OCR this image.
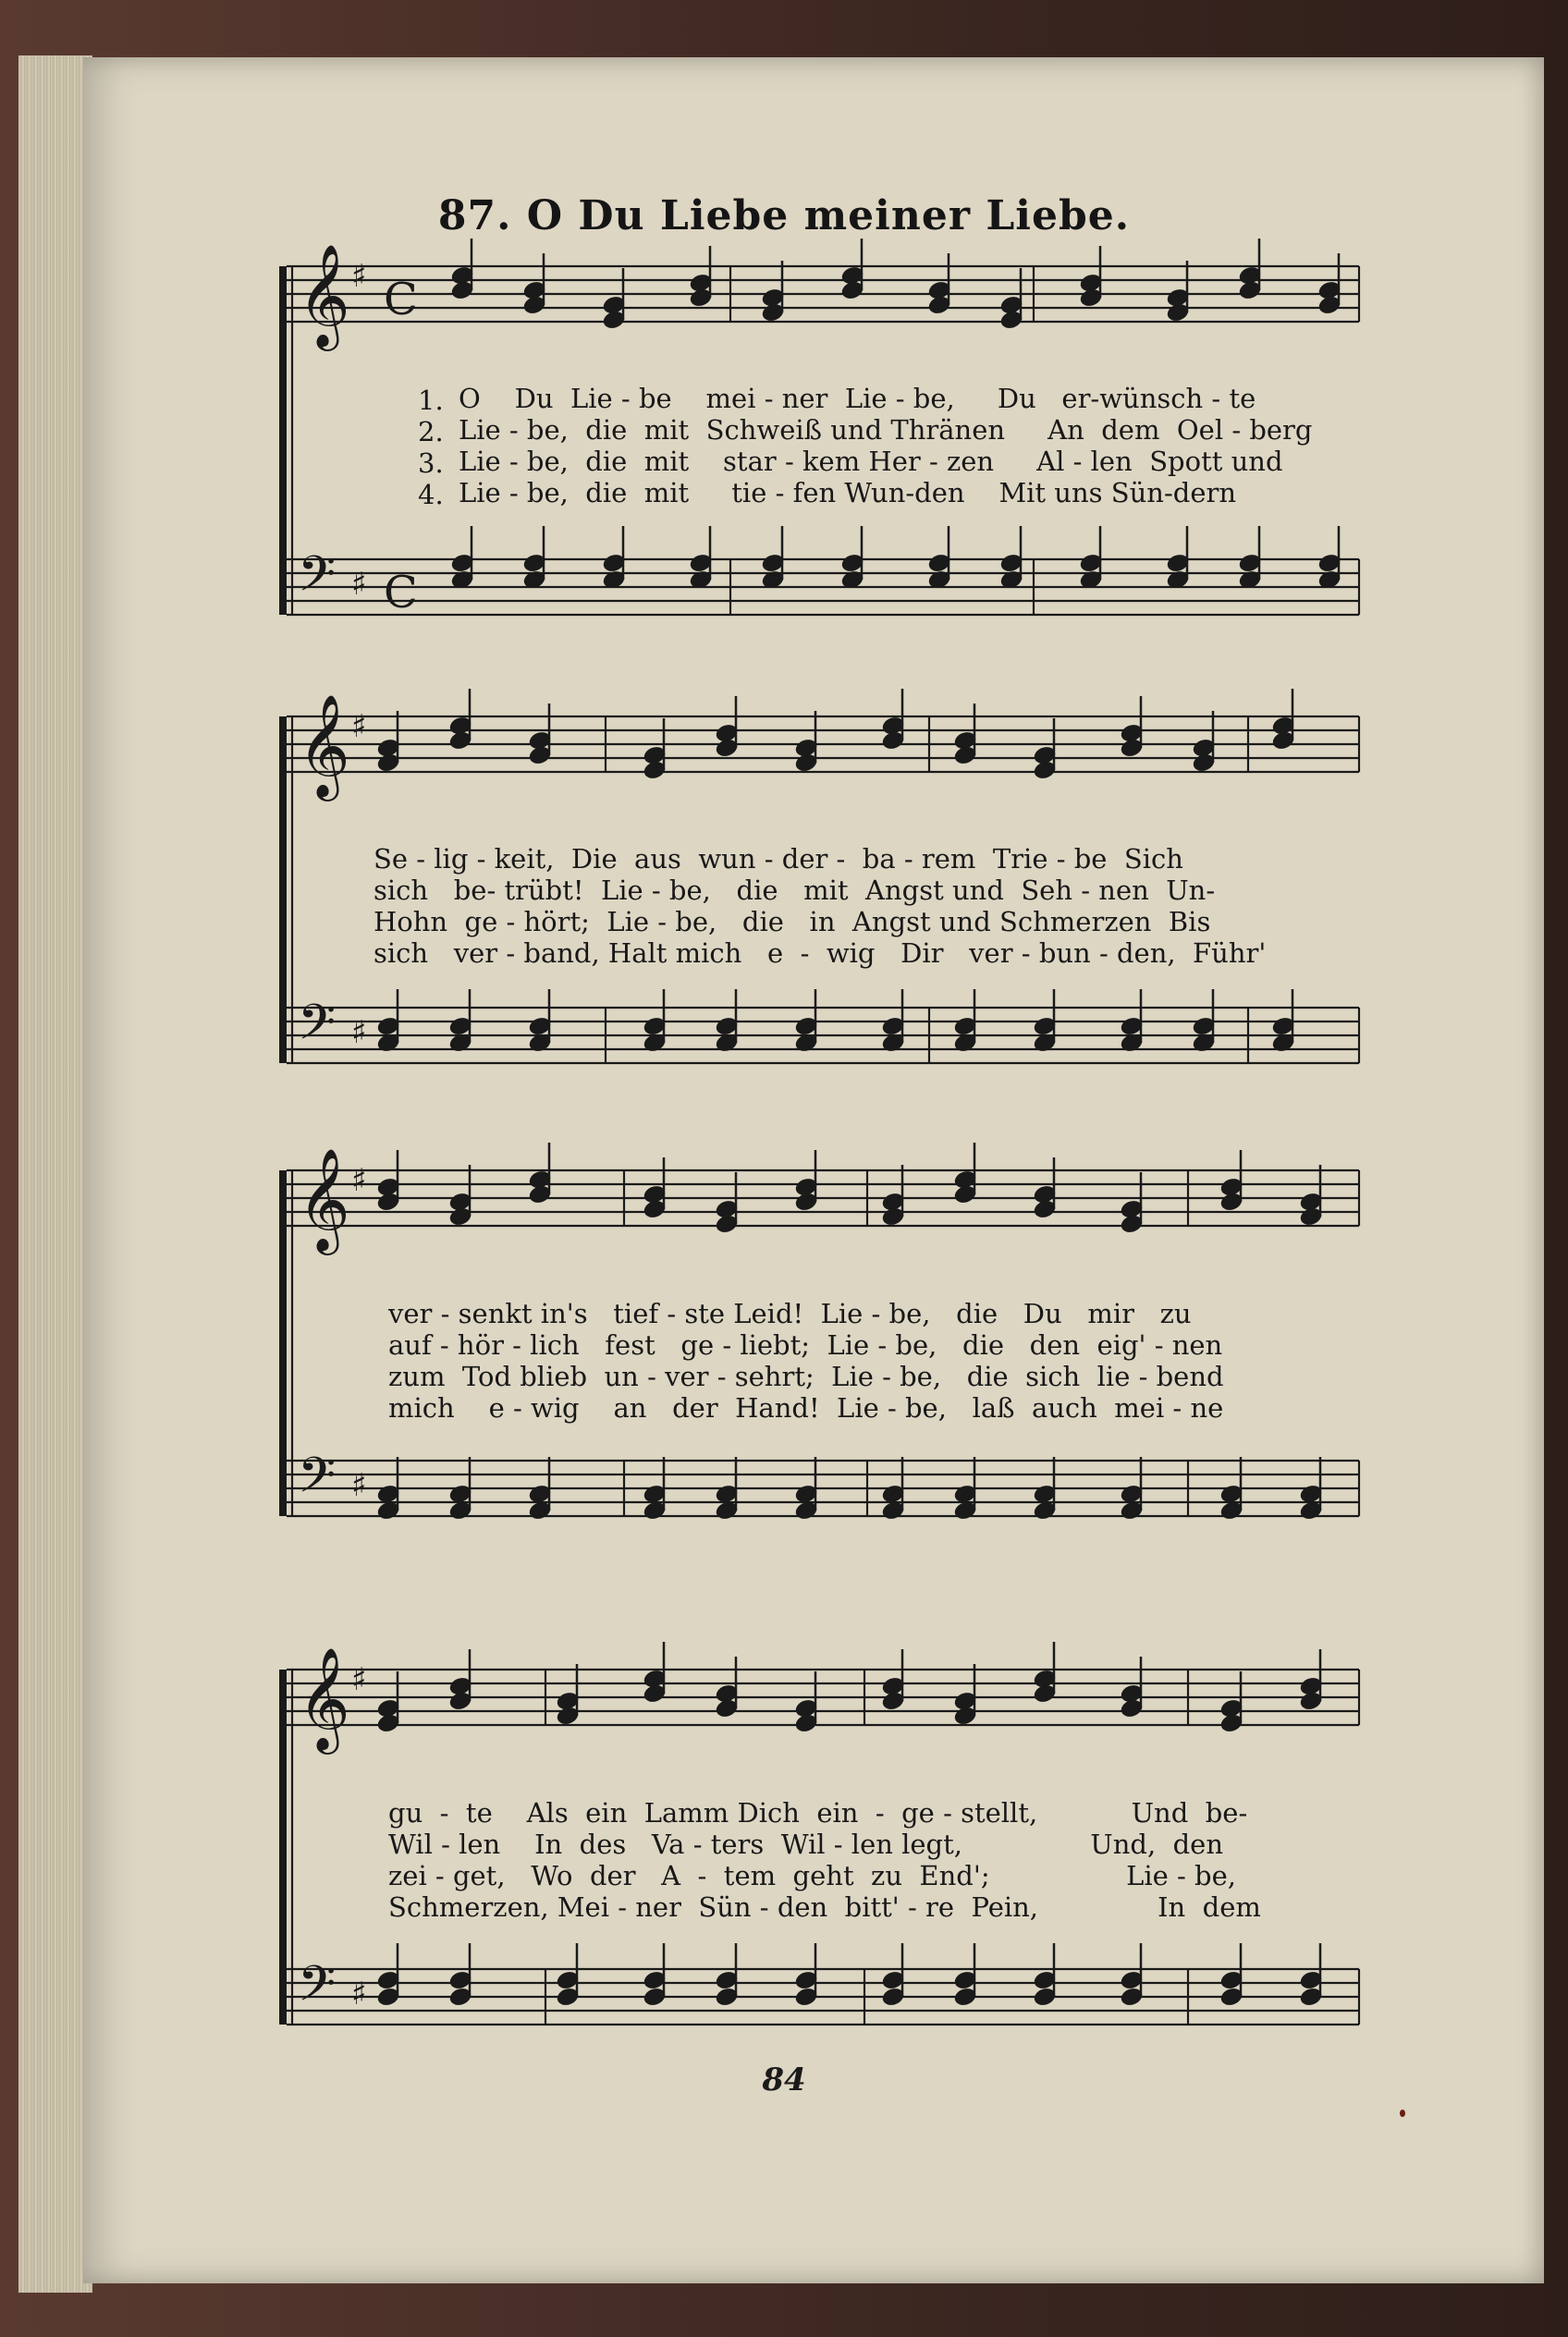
87. O Du Liebe meiner Liebe.
𝄞 ♯ C
𝄢 ♯ C
𝄞 ♯
𝄢 ♯
𝄞 ♯
𝄢 ♯
𝄞 ♯
𝄢 ♯
1.
2.
3.
4.
O    Du  Lie - be    mei - ner  Lie - be,     Du   er-wünsch - te
Lie - be,  die  mit  Schweiß und Thränen     An  dem  Oel - berg
Lie - be,  die  mit    star - kem Her - zen     Al - len  Spott und
Lie - be,  die  mit     tie - fen Wun-den    Mit uns Sün-dern
Se - lig - keit,  Die  aus  wun - der -  ba - rem  Trie - be  Sich
sich   be- trübt!  Lie - be,   die   mit  Angst und  Seh - nen  Un-
Hohn  ge - hört;  Lie - be,   die   in  Angst und Schmerzen  Bis
sich   ver - band, Halt mich   e  -  wig   Dir   ver - bun - den,  Führ'
ver - senkt in's   tief - ste Leid!  Lie - be,   die   Du   mir   zu
auf - hör - lich   fest   ge - liebt;  Lie - be,   die   den  eig' - nen
zum  Tod blieb  un - ver - sehrt;  Lie - be,   die  sich  lie - bend
mich    e - wig    an   der  Hand!  Lie - be,   laß  auch  mei - ne
gu  -  te    Als  ein  Lamm Dich  ein  -  ge - stellt,           Und  be-
Wil - len    In  des   Va - ters  Wil - len legt,               Und,  den
zei - get,   Wo  der   A  -  tem  geht  zu  End';                Lie - be,
Schmerzen, Mei - ner  Sün - den  bitt' - re  Pein,              In  dem
84
